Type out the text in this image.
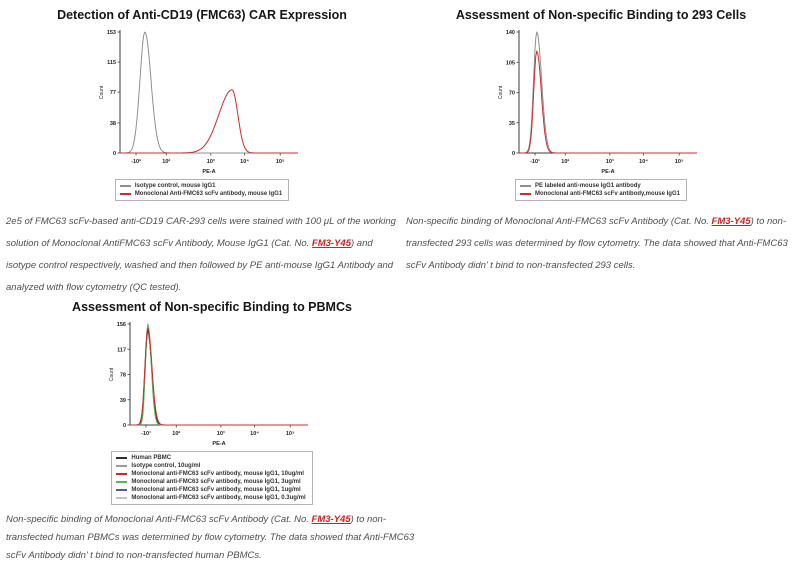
Detection of Anti-CD19 (FMC63) CAR Expression
0
38
77
115
153
-10²	10²	10³	10⁴	10⁵
PE-A
Count
Isotype control, mouse IgG1
Monoclonal Anti-FMC63 scFv antibody, mouse IgG1

2e5 of FMC63 scFv-based anti-CD19 CAR-293 cells were stained with 100 μL of the working solution of Monoclonal AntiFMC63 scFv Antibody, Mouse IgG1 (Cat. No. FM3-Y45) and isotype control respectively, washed and then followed by PE anti-mouse IgG1 Antibody and analyzed with flow cytometry (QC tested).

Assessment of Non-specific Binding to 293 Cells
0
35
70
105
140
-10¹	10²	10³	10⁴	10⁵
PE-A
Count
PE labeled anti-mouse IgG1 antibody
Monoclonal anti-FMC63 scFv antibody,mouse IgG1

Non-specific binding of Monoclonal Anti-FMC63 scFv Antibody (Cat. No. FM3-Y45) to non-transfected 293 cells was determined by flow cytometry. The data showed that Anti-FMC63 scFv Antibody didn’ t bind to non-transfected 293 cells.

Assessment of Non-specific Binding to PBMCs
0
39
78
117
156
-10¹	10²	10³	10⁴	10⁵
PE-A
Count
Human PBMC
Isotype control, 10ug/ml
Monoclonal anti-FMC63 scFv antibody, mouse IgG1, 10ug/ml
Monoclonal anti-FMC63 scFv antibody, mouse IgG1, 3ug/ml
Monoclonal anti-FMC63 scFv antibody, mouse IgG1, 1ug/ml
Monoclonal anti-FMC63 scFv antibody, mouse IgG1, 0.3ug/ml

Non-specific binding of Monoclonal Anti-FMC63 scFv Antibody (Cat. No. FM3-Y45) to non-transfected human PBMCs was determined by flow cytometry. The data showed that Anti-FMC63 scFv Antibody didn’ t bind to non-transfected human PBMCs.
